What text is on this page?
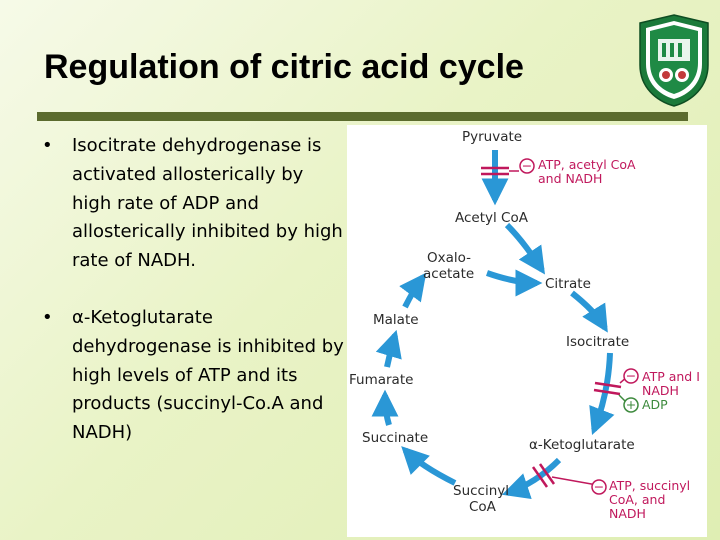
Regulation of citric acid cycle
• Isocitrate dehydrogenase is activated allosterically by high rate of ADP and allosterically inhibited by high rate of NADH.
• α-Ketoglutarate dehydrogenase is inhibited by high levels of ATP and its products (succinyl-Co.A and NADH)
−
−
+
−
Pyruvate
Acetyl CoA
Oxalo-
acetate
Citrate
Malate
Isocitrate
Fumarate
Succinate	α-Ketoglutarate
Succinyl
CoA
ATP, acetyl CoA
and NADH
ATP and I
NADH
ADP
ATP, succinyl
CoA, and
NADH
